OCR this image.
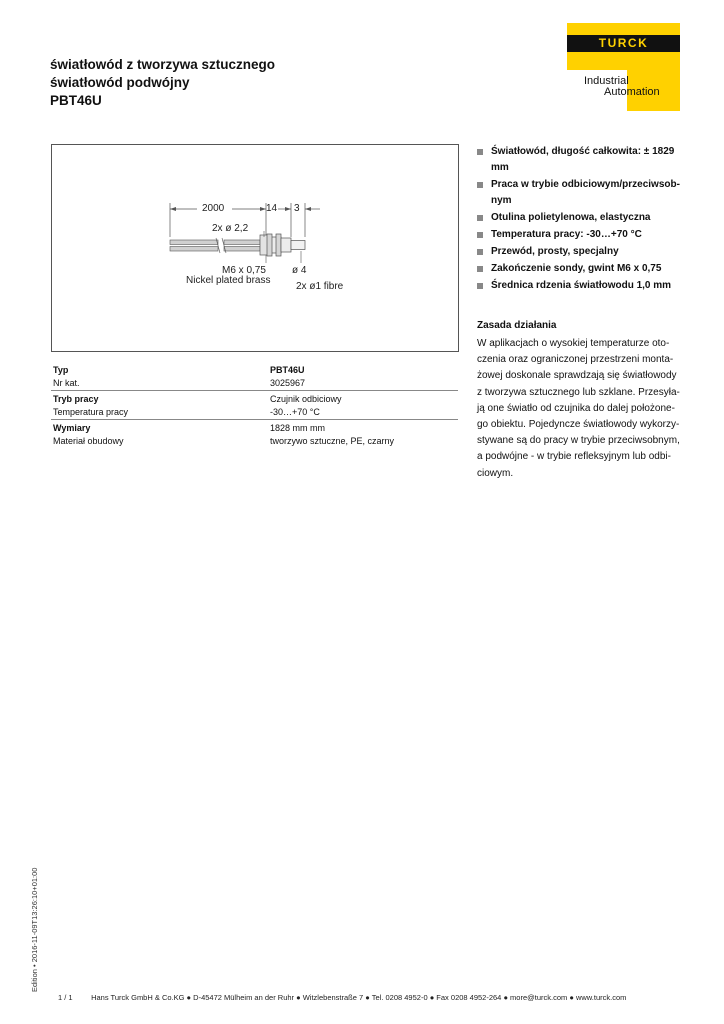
światłowód z tworzywa sztucznego
światłowód podwójny
PBT46U
TURCK
Industrial
Automation
2000	14 3
2x ø 2,2
M6 x 0,75
Nickel plated brass
ø 4
2x ø1 fibre
Światłowód, długość całkowita: ± 1829 mm
Praca w trybie odbiciowym/przeciwsob-nym
Otulina polietylenowa, elastyczna
Temperatura pracy: -30…+70 °C
Przewód, prosty, specjalny
Zakończenie sondy, gwint M6 x 0,75
Średnica rdzenia światłowodu 1,0 mm
Typ	PBT46U
Nr kat.	3025967
Tryb pracy	Czujnik odbiciowy
Temperatura pracy	-30…+70 °C
Wymiary	1828 mm mm
Materiał obudowy	tworzywo sztuczne, PE, czarny
Zasada działania
W aplikacjach o wysokiej temperaturze oto-
czenia oraz ograniczonej przestrzeni monta-
żowej doskonale sprawdzają się światłowody
z tworzywa sztucznego lub szklane. Przesyła-
ją one światło od czujnika do dalej położone-
go obiektu. Pojedyncze światłowody wykorzy-
stywane są do pracy w trybie przeciwsobnym,
a podwójne - w trybie refleksyjnym lub odbi-
ciowym.
Edition • 2016-11-09T13:26:10+01:00
1 / 1 Hans Turck GmbH & Co.KG ● D-45472 Mülheim an der Ruhr ● Witzlebenstraße 7 ● Tel. 0208 4952-0 ● Fax 0208 4952-264 ● more@turck.com ● www.turck.com
